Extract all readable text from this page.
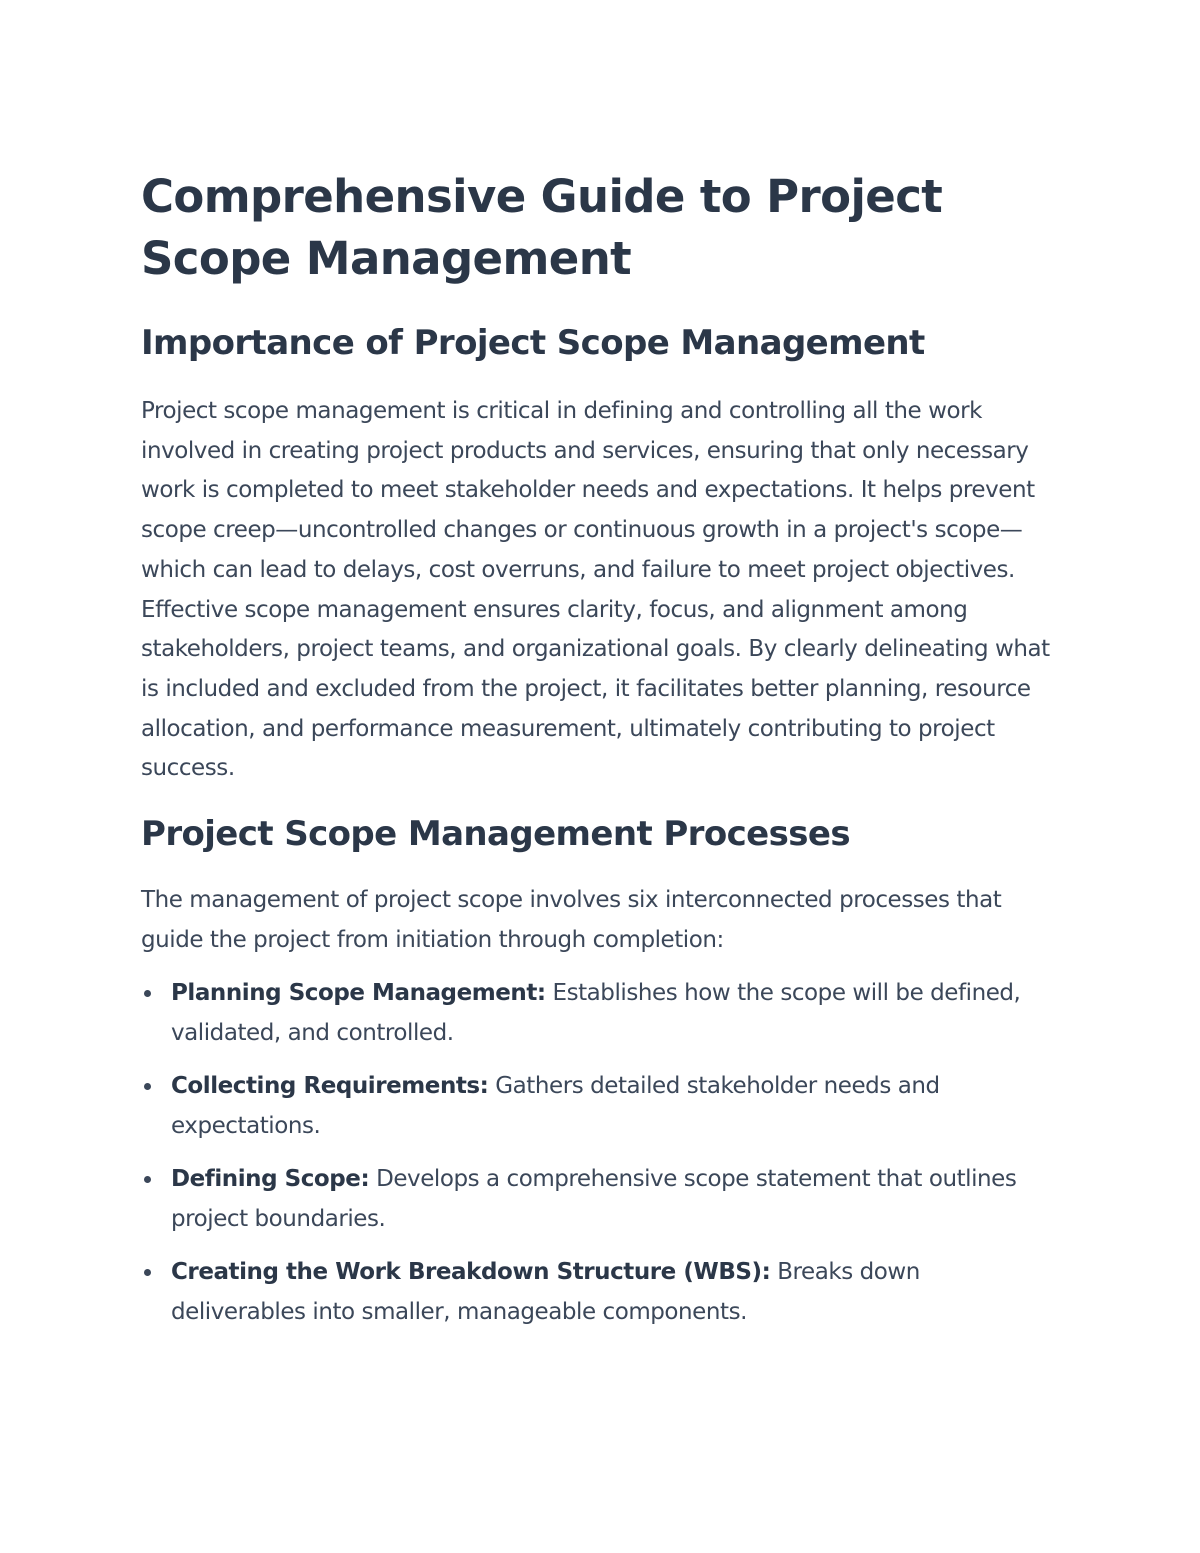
Comprehensive Guide to Project Scope Management
Importance of Project Scope Management

Project scope management is critical in defining and controlling all the work involved in creating project products and services, ensuring that only necessary work is completed to meet stakeholder needs and expectations. It helps prevent scope creep—uncontrolled changes or continuous growth in a project's scope—which can lead to delays, cost overruns, and failure to meet project objectives. Effective scope management ensures clarity, focus, and alignment among stakeholders, project teams, and organizational goals. By clearly delineating what is included and excluded from the project, it facilitates better planning, resource allocation, and performance measurement, ultimately contributing to project success.

Project Scope Management Processes

The management of project scope involves six interconnected processes that guide the project from initiation through completion:

Planning Scope Management: Establishes how the scope will be defined, validated, and controlled.
Collecting Requirements: Gathers detailed stakeholder needs and expectations.
Defining Scope: Develops a comprehensive scope statement that outlines project boundaries.
Creating the Work Breakdown Structure (WBS): Breaks down deliverables into smaller, manageable components.
